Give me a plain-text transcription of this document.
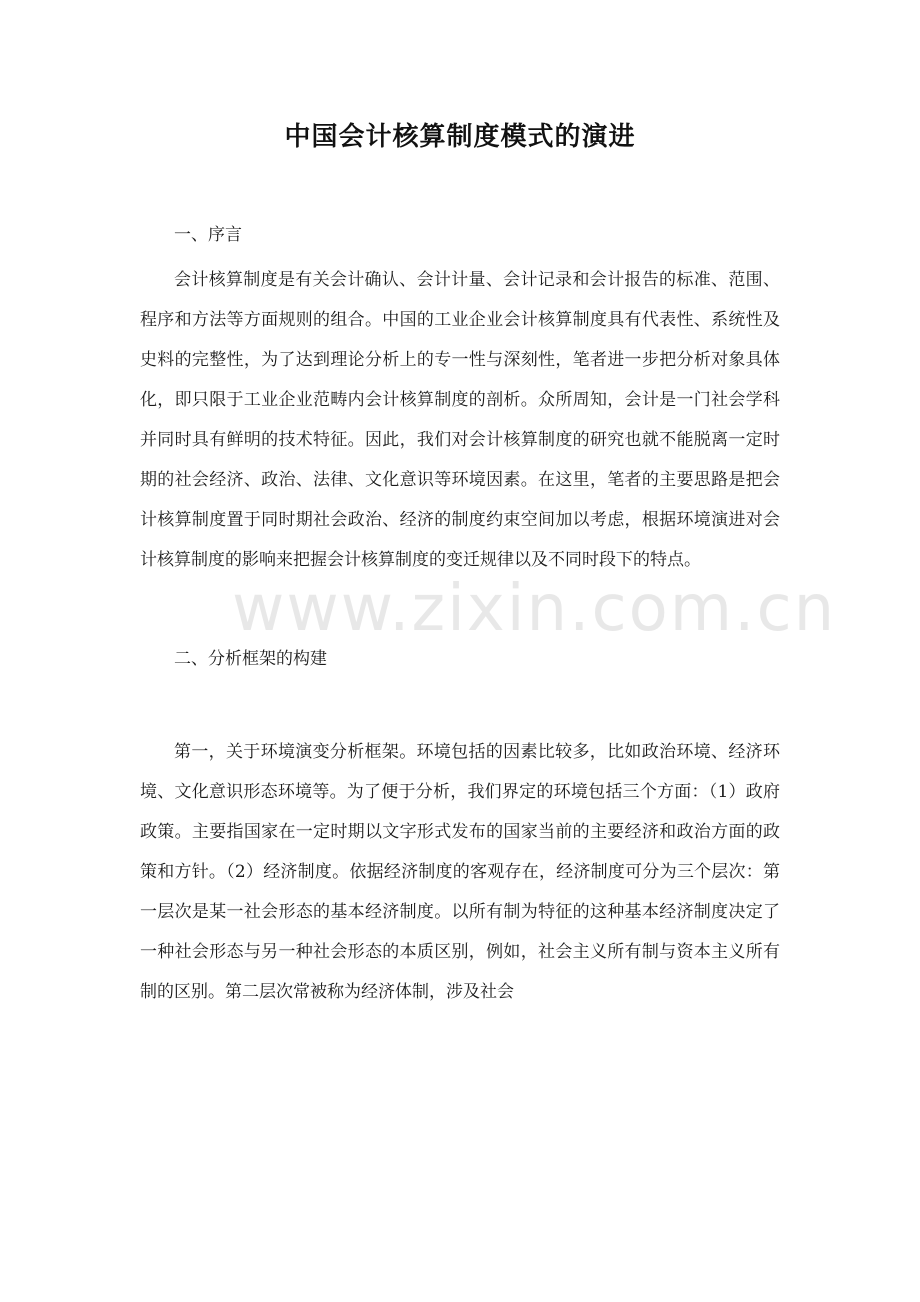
中国会计核算制度模式的演进

一、序言

会计核算制度是有关会计确认、会计计量、会计记录和会计报告的标准、范围、程序和方法等方面规则的组合。中国的工业企业会计核算制度具有代表性、系统性及史料的完整性，为了达到理论分析上的专一性与深刻性，笔者进一步把分析对象具体化，即只限于工业企业范畴内会计核算制度的剖析。众所周知，会计是一门社会学科并同时具有鲜明的技术特征。因此，我们对会计核算制度的研究也就不能脱离一定时期的社会经济、政治、法律、文化意识等环境因素。在这里，笔者的主要思路是把会计核算制度置于同时期社会政治、经济的制度约束空间加以考虑，根据环境演进对会计核算制度的影响来把握会计核算制度的变迁规律以及不同时段下的特点。

二、分析框架的构建

第一，关于环境演变分析框架。环境包括的因素比较多，比如政治环境、经济环境、文化意识形态环境等。为了便于分析，我们界定的环境包括三个方面：（1）政府政策。主要指国家在一定时期以文字形式发布的国家当前的主要经济和政治方面的政策和方针。（2）经济制度。依据经济制度的客观存在，经济制度可分为三个层次：第一层次是某一社会形态的基本经济制度。以所有制为特征的这种基本经济制度决定了一种社会形态与另一种社会形态的本质区别，例如，社会主义所有制与资本主义所有制的区别。第二层次常被称为经济体制，涉及社会

www.zixin.com.cn
